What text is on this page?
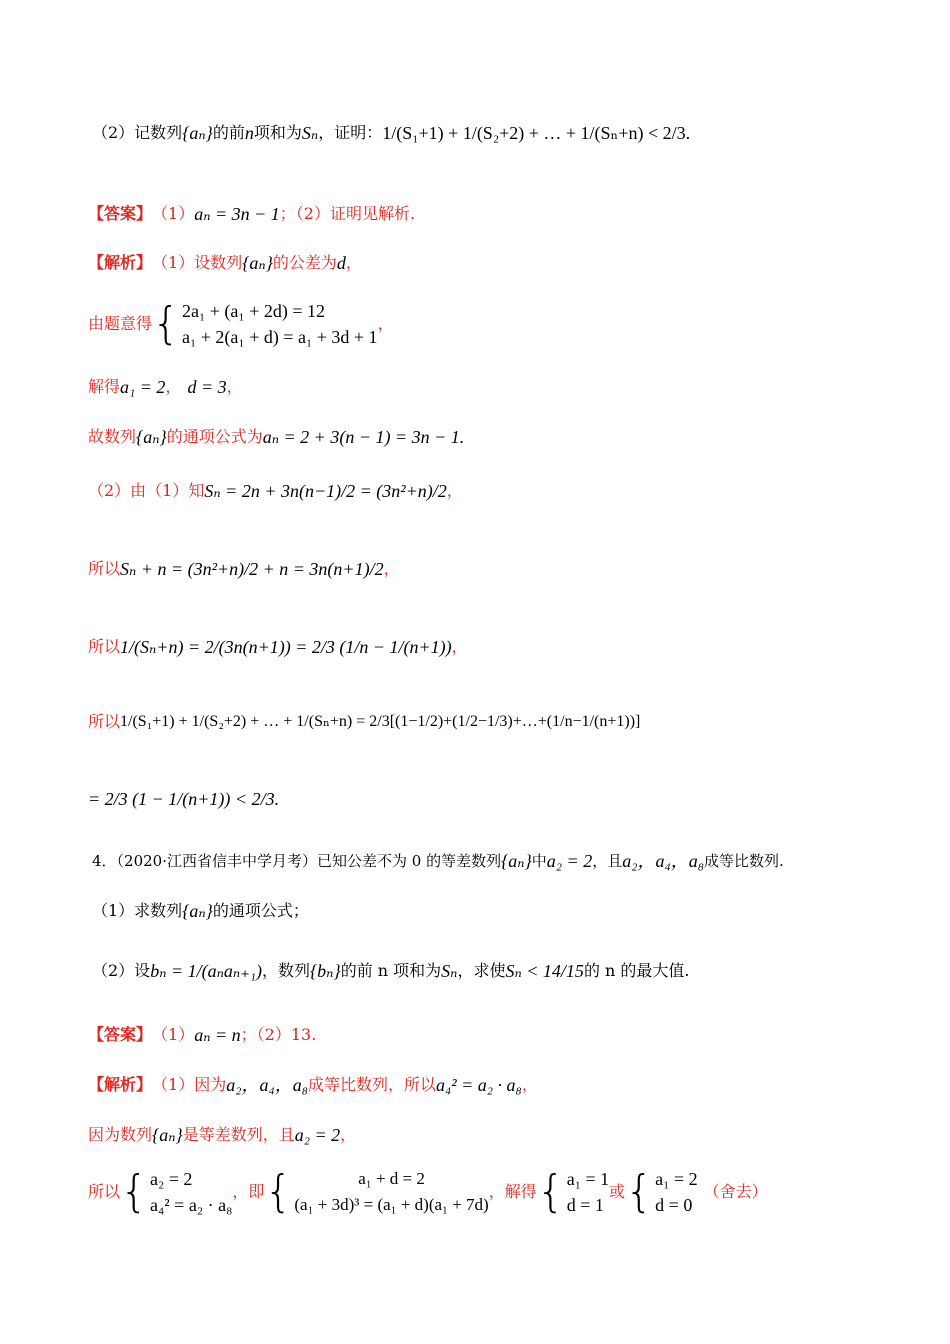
（2）记数列 {aₙ} 的前 n 项和为 Sₙ ，证明： 1/(S₁+1) + 1/(S₂+2) + … + 1/(Sₙ+n) < 2/3.
【答案】 （1） aₙ = 3n − 1 ；（2）证明见解析.
【解析】 （1）设数列 {aₙ} 的公差为 d ，
由题意得 { 2a₁ + (a₁ + 2d) = 12
a₁ + 2(a₁ + d) = a₁ + 3d + 1
，
解得 a₁ = 2 ， d = 3 ，
故数列 {aₙ} 的通项公式为 aₙ = 2 + 3(n − 1) = 3n − 1.
（2）由（1）知 Sₙ = 2n + 3n(n−1)/2 = (3n²+n)/2 ，
所以 Sₙ + n = (3n²+n)/2 + n = 3n(n+1)/2 ，
所以 1/(Sₙ+n) = 2/(3n(n+1)) = 2/3 (1/n − 1/(n+1)) ，
所以 1/(S₁+1) + 1/(S₂+2) + … + 1/(Sₙ+n) = 2/3[(1−1/2)+(1/2−1/3)+…+(1/n−1/(n+1))]
= 2/3 (1 − 1/(n+1)) < 2/3.
4．（2020·江西省信丰中学月考）已知公差不为 0 的等差数列 {aₙ} 中 a₂ = 2 ，且 a₂，a₄，a₈ 成等比数列.
（1）求数列 {aₙ} 的通项公式；
（2）设 bₙ = 1/(aₙaₙ₊₁) ，数列 {bₙ} 的前 n 项和为 Sₙ ，求使 Sₙ < 14/15 的 n 的最大值.
【答案】 （1） aₙ = n ；（2）13.
【解析】 （1）因为 a₂，a₄，a₈ 成等比数列，所以 a₄² = a₂ · a₈ ，
因为数列 {aₙ} 是等差数列，且 a₂ = 2 ，
所以 { a₂ = 2
a₄² = a₂ · a₈
，即 {	a₁ + d = 2
(a₁ + 3d)³ = (a₁ + d)(a₁ + 7d)
，解得 { a₁ = 1
d = 1
或 { a₁ = 2
d = 0
（舍去）
